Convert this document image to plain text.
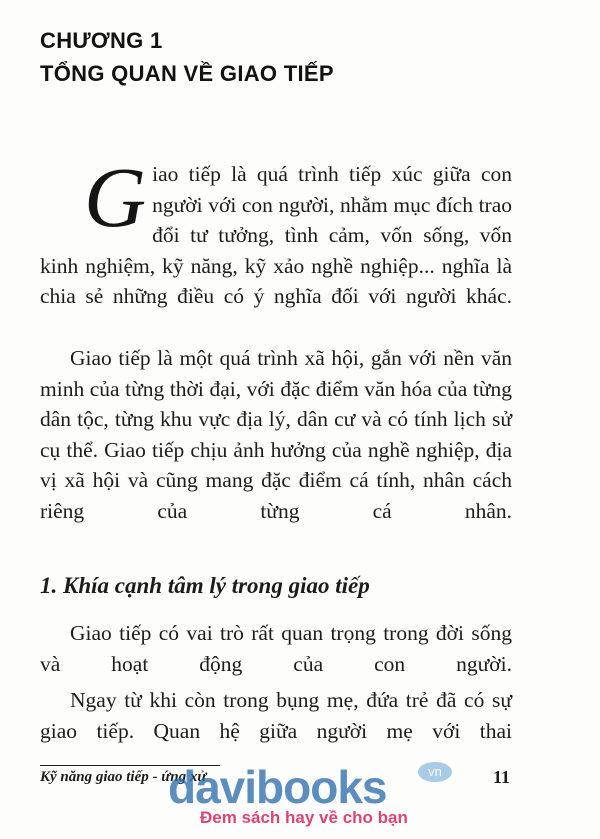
CHƯƠNG 1
TỔNG QUAN VỀ GIAO TIẾP
G iao tiếp là quá trình tiếp xúc giữa con người với con người, nhằm mục đích trao đổi tư tưởng, tình cảm, vốn sống, vốn kinh nghiệm, kỹ năng, kỹ xảo nghề nghiệp... nghĩa là chia sẻ những điều có ý nghĩa đối với người khác.
Giao tiếp là một quá trình xã hội, gắn với nền văn minh của từng thời đại, với đặc điểm văn hóa của từng dân tộc, từng khu vực địa lý, dân cư và có tính lịch sử cụ thể. Giao tiếp chịu ảnh hưởng của nghề nghiệp, địa vị xã hội và cũng mang đặc điểm cá tính, nhân cách riêng của từng cá nhân.
1. Khía cạnh tâm lý trong giao tiếp
Giao tiếp có vai trò rất quan trọng trong đời sống và hoạt động của con người.
Ngay từ khi còn trong bụng mẹ, đứa trẻ đã có sự giao tiếp. Quan hệ giữa người mẹ với thai
Kỹ năng giao tiếp - ứng xử	11
davibooks	vn
Đem sách hay về cho bạn
